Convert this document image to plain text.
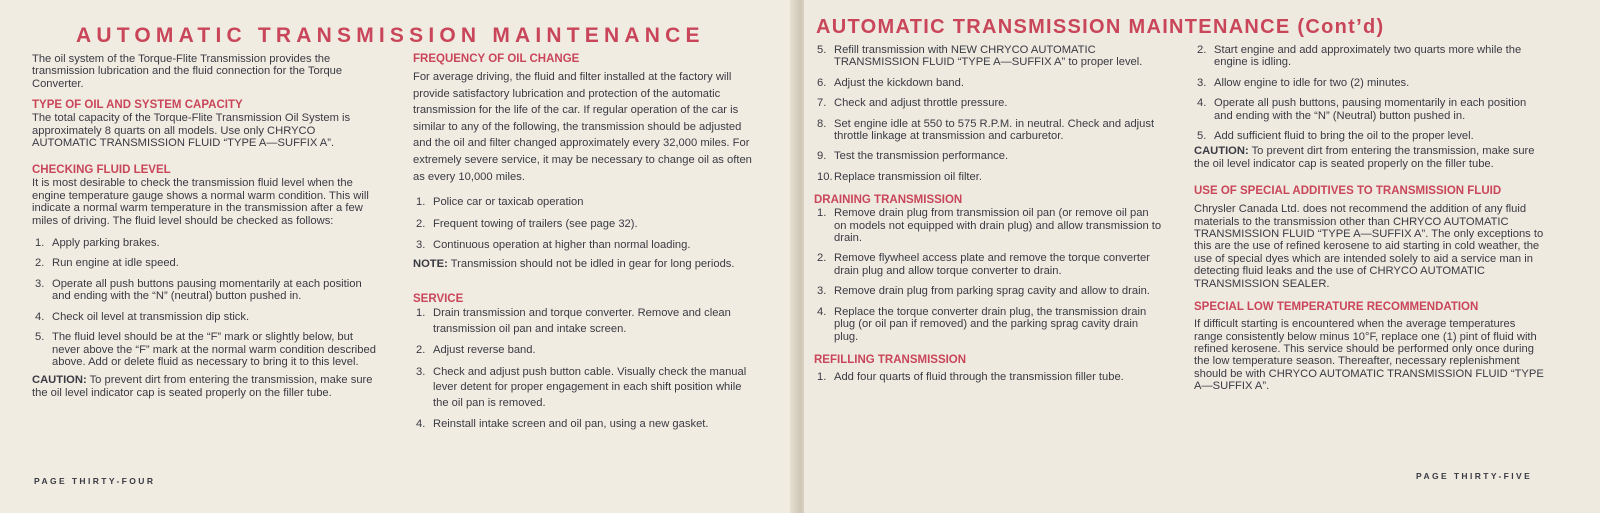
AUTOMATIC TRANSMISSION MAINTENANCE

The oil system of the Torque-Flite Transmission provides the transmission lubrication and the fluid connection for the Torque Converter.

TYPE OF OIL AND SYSTEM CAPACITY

The total capacity of the Torque-Flite Transmission Oil System is approximately 8 quarts on all models. Use only CHRYCO AUTOMATIC TRANSMISSION FLUID “TYPE A—SUFFIX A”.

CHECKING FLUID LEVEL

It is most desirable to check the transmission fluid level when the engine temperature gauge shows a normal warm condition. This will indicate a normal warm temperature in the transmission after a few miles of driving. The fluid level should be checked as follows:

1. Apply parking brakes.
2. Run engine at idle speed.
3. Operate all push buttons pausing momentarily at each position and ending with the “N” (neutral) button pushed in.
4. Check oil level at transmission dip stick.
5. The fluid level should be at the “F” mark or slightly below, but never above the “F” mark at the normal warm condition described above. Add or delete fluid as necessary to bring it to this level.

CAUTION: To prevent dirt from entering the transmission, make sure the oil level indicator cap is seated properly on the filler tube.

FREQUENCY OF OIL CHANGE

For average driving, the fluid and filter installed at the factory will provide satisfactory lubrication and protection of the automatic transmission for the life of the car. If regular operation of the car is similar to any of the following, the transmission should be adjusted and the oil and filter changed approximately every 32,000 miles. For extremely severe service, it may be necessary to change oil as often as every 10,000 miles.

1. Police car or taxicab operation
2. Frequent towing of trailers (see page 32).
3. Continuous operation at higher than normal loading.

NOTE: Transmission should not be idled in gear for long periods.

SERVICE
1. Drain transmission and torque converter. Remove and clean transmission oil pan and intake screen.
2. Adjust reverse band.
3. Check and adjust push button cable. Visually check the manual lever detent for proper engagement in each shift position while the oil pan is removed.
4. Reinstall intake screen and oil pan, using a new gasket.
PAGE THIRTY-FOUR
AUTOMATIC TRANSMISSION MAINTENANCE (Cont’d)
5. Refill transmission with NEW CHRYCO AUTOMATIC TRANSMISSION FLUID “TYPE A—SUFFIX A” to proper level.
6. Adjust the kickdown band.
7. Check and adjust throttle pressure.
8. Set engine idle at 550 to 575 R.P.M. in neutral. Check and adjust throttle linkage at transmission and carburetor.
9. Test the transmission performance.
10. Replace transmission oil filter.
DRAINING TRANSMISSION
1. Remove drain plug from transmission oil pan (or remove oil pan on models not equipped with drain plug) and allow transmission to drain.
2. Remove flywheel access plate and remove the torque converter drain plug and allow torque converter to drain.
3. Remove drain plug from parking sprag cavity and allow to drain.
4. Replace the torque converter drain plug, the transmission drain plug (or oil pan if removed) and the parking sprag cavity drain plug.
REFILLING TRANSMISSION
1. Add four quarts of fluid through the transmission filler tube.
2. Start engine and add approximately two quarts more while the engine is idling.
3. Allow engine to idle for two (2) minutes.
4. Operate all push buttons, pausing momentarily in each position and ending with the “N” (Neutral) button pushed in.
5. Add sufficient fluid to bring the oil to the proper level.

CAUTION: To prevent dirt from entering the transmission, make sure the oil level indicator cap is seated properly on the filler tube.

USE OF SPECIAL ADDITIVES TO TRANSMISSION FLUID

Chrysler Canada Ltd. does not recommend the addition of any fluid materials to the transmission other than CHRYCO AUTOMATIC TRANSMISSION FLUID “TYPE A—SUFFIX A”. The only exceptions to this are the use of refined kerosene to aid starting in cold weather, the use of special dyes which are intended solely to aid a service man in detecting fluid leaks and the use of CHRYCO AUTOMATIC TRANSMISSION SEALER.

SPECIAL LOW TEMPERATURE RECOMMENDATION

If difficult starting is encountered when the average temperatures range consistently below minus 10°F, replace one (1) pint of fluid with refined kerosene. This service should be performed only once during the low temperature season. Thereafter, necessary replenishment should be with CHRYCO AUTOMATIC TRANSMISSION FLUID “TYPE A—SUFFIX A”.

PAGE THIRTY-FIVE
